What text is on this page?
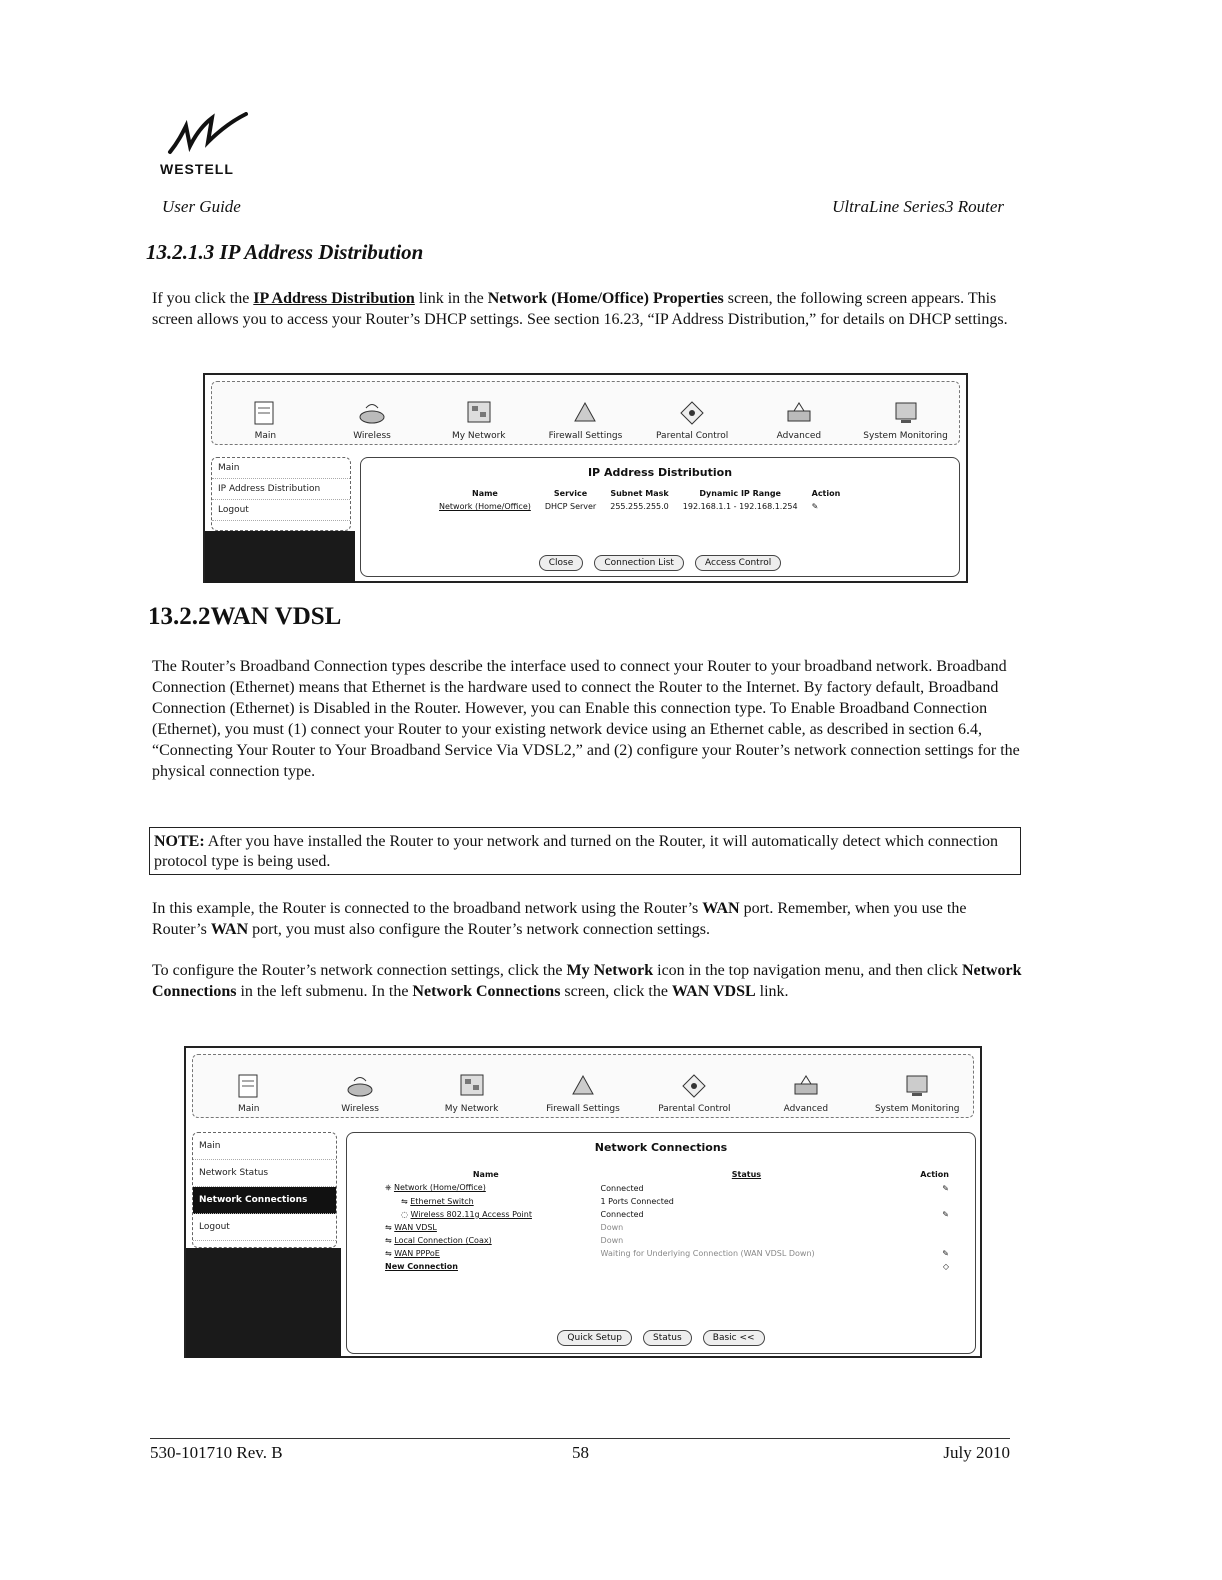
WESTELL
User Guide	UltraLine Series3 Router
13.2.1.3 IP Address Distribution
If you click the IP Address Distribution link in the Network (Home/Office) Properties screen, the following screen appears. This screen allows you to access your Router’s DHCP settings. See section 16.23, “IP Address Distribution,” for details on DHCP settings.
Main	Wireless	My Network	Firewall Settings	Parental Control	Advanced	System Monitoring
Main
IP Address Distribution
Logout
IP Address Distribution
Name	Service	Subnet Mask	Dynamic IP Range	Action
Network (Home/Office)	DHCP Server	255.255.255.0	192.168.1.1 - 192.168.1.254	✎
Close	Connection List	Access Control
13.2.2WAN VDSL
The Router’s Broadband Connection types describe the interface used to connect your Router to your broadband network. Broadband Connection (Ethernet) means that Ethernet is the hardware used to connect the Router to the Internet. By factory default, Broadband Connection (Ethernet) is Disabled in the Router. However, you can Enable this connection type. To Enable Broadband Connection (Ethernet), you must (1) connect your Router to your existing network device using an Ethernet cable, as described in section 6.4, “Connecting Your Router to Your Broadband Service Via VDSL2,” and (2) configure your Router’s network connection settings for the physical connection type.
NOTE: After you have installed the Router to your network and turned on the Router, it will automatically detect which connection protocol type is being used.
In this example, the Router is connected to the broadband network using the Router’s WAN port. Remember, when you use the Router’s WAN port, you must also configure the Router’s network connection settings.
To configure the Router’s network connection settings, click the My Network icon in the top navigation menu, and then click Network Connections in the left submenu. In the Network Connections screen, click the WAN VDSL link.
Main	Wireless	My Network	Firewall Settings	Parental Control	Advanced	System Monitoring
Main
Network Status
Network Connections
Logout
Network Connections
Name	Status	Action
⎈ Network (Home/Office)	Connected	✎
⇋ Ethernet Switch	1 Ports Connected	
◌ Wireless 802.11g Access Point	Connected	✎
⇋ WAN VDSL	Down	
⇋ Local Connection (Coax)	Down	
⇋ WAN PPPoE	Waiting for Underlying Connection (WAN VDSL Down)	✎
New Connection		◇
Quick Setup	Status	Basic <<
530-101710 Rev. B	58	July 2010
